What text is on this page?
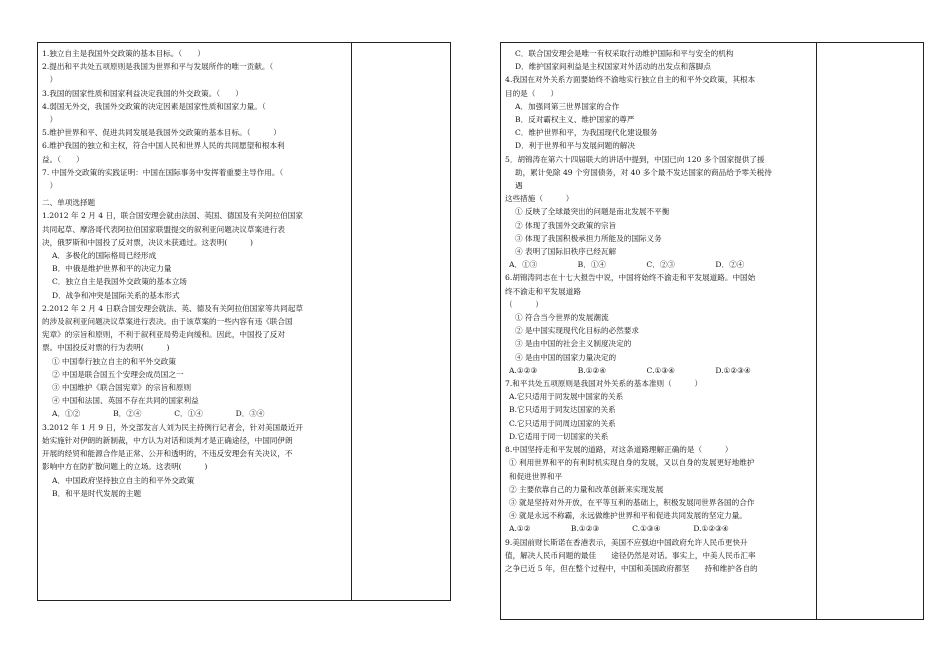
1.独立自主是我国外交政策的基本目标。（　　）
2.提出和平共处五项原则是我国为世界和平与发展所作的唯一贡献。（
　）
3.我国的国家性质和国家利益决定我国的外交政策。（　　）
4.弱国无外交，我国外交政策的决定因素是国家性质和国家力量。（
　）
5.维护世界和平、促进共同发展是我国外交政策的基本目标。（　　　）
6.维护我国的独立和主权，符合中国人民和世界人民的共同愿望和根本利
益。（　　）
7. 中国外交政策的实践证明：中国在国际事务中发挥着重要主导作用。（
　）
二、单项选择题
1.2012 年 2 月 4 日，联合国安理会就由法国、英国、德国及有关阿拉伯国家
共同起草、摩洛哥代表阿拉伯国家联盟提交的叙利亚问题决议草案进行表
决，俄罗斯和中国投了反对票，决议未获通过。这表明(　　　)
A．多极化的国际格局已经形成
B．中俄是维护世界和平的决定力量
C．独立自主是我国外交政策的基本立场
D．战争和冲突是国际关系的基本形式
2.2012 年 2 月 4 日联合国安理会就法、英、德及有关阿拉伯国家等共同起草
的涉及叙利亚问题决议草案进行表决。由于该草案的一些内容有违《联合国
宪章》的宗旨和原则，不利于叙利亚局势走向缓和。因此，中国投了反对
票。中国投反对票的行为表明(　　　)
① 中国奉行独立自主的和平外交政策
② 中国是联合国五个安理会成员国之一
③ 中国维护《联合国宪章》的宗旨和原则
④ 中国和法国、英国不存在共同的国家利益
A．①②　　　　	B．②④　　　　	C．①④　　　　	D．③④
3.2012 年 1 月 9 日，外交部发言人刘为民主持例行记者会，针对美国最近开
始实施针对伊朗的新制裁，中方认为对话和谈判才是正确途径，中国同伊朗
开展的经贸和能源合作是正常、公开和透明的，不违反安理会有关决议，不
影响中方在防扩散问题上的立场。这表明(　　　)
A．中国政府坚持独立自主的和平外交政策
B．和平是时代发展的主题
C．联合国安理会是唯一有权采取行动维护国际和平与安全的机构
D．维护国家间利益是主权国家对外活动的出发点和落脚点
4.我国在对外关系方面要始终不渝地实行独立自主的和平外交政策，其根本
目的是（　　）
A．加强同第三世界国家的合作
B．反对霸权主义、维护国家的尊严
C．维护世界和平，为我国现代化建设服务
D．利于世界和平与发展问题的解决
5．胡锦涛在第六十四届联大的讲话中提到，中国已向 120 多个国家提供了援
助，累计免除 49 个穷国债务，对 40 多个最不发达国家的商品给予零关税待
遇
这些措施（　　　）
① 反映了全球最突出的问题是南北发展不平衡
② 体现了我国外交政策的宗旨
③ 体现了我国积极承担力所能及的国际义务
④ 表明了国际旧秩序已经瓦解
A．①③　　　　　	B．①④　　　　　	C．②③　　　　　	D．②④
6.胡锦涛同志在十七大报告中说，中国将始终不渝走和平发展道路。中国始
终不渝走和平发展道路
（　　　）
① 符合当今世界的发展潮流
② 是中国实现现代化目标的必然要求
③ 是由中国的社会主义制度决定的
④ 是由中国的国家力量决定的
A.①②③　　　　　	B.①②④　　　　　	C.①③④　　　　　	D.①②③④
7.和平共处五项原则是我国对外关系的基本准则（　　　）
A.它只适用于同发展中国家的关系
B.它只适用于同发达国家的关系
C.它只适用于同周边国家的关系
D.它适用于同一切国家的关系
8.中国坚持走和平发展的道路，对这条道路理解正确的是（　　　）
① 利用世界和平的有利时机实现自身的发展，又以自身的发展更好地维护
和促进世界和平
② 主要依靠自己的力量和改革创新来实现发展
③ 就是坚持对外开放，在平等互利的基础上，积极发展同世界各国的合作
④ 就是永远不称霸，永远做维护世界和平和促进共同发展的坚定力量。
A.①②　　　　　	B.①②③　　　　	C.①③④　　　　	D.①②③④
9.美国前财长斯诺在香港表示，美国不应强迫中国政府允许人民币更快升
值，解决人民币问题的最佳　　途径仍然是对话。事实上，中美人民币汇率
之争已近 5 年，但在整个过程中，中国和美国政府都坚　　持和维护各自的
